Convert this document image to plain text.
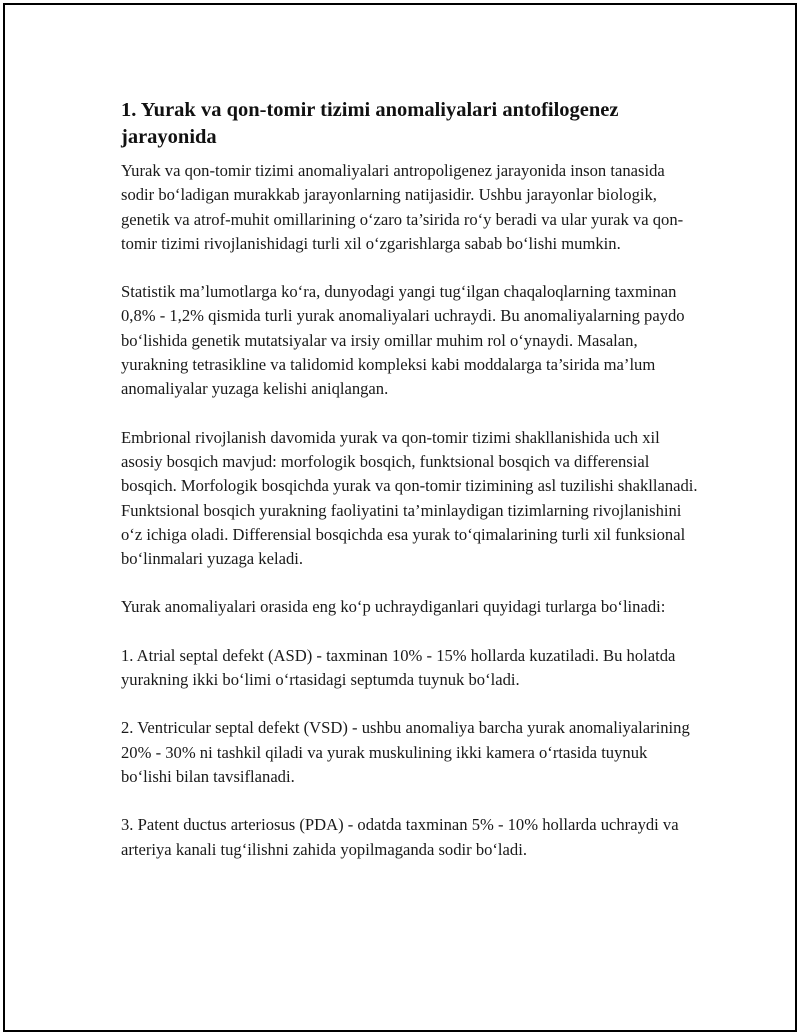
1. Yurak va qon-tomir tizimi anomaliyalari antofilogenez jarayonida

Yurak va qon-tomir tizimi anomaliyalari antropoligenez jarayonida inson tanasida sodir bo‘ladigan murakkab jarayonlarning natijasidir. Ushbu jarayonlar biologik, genetik va atrof-muhit omillarining o‘zaro ta’sirida ro‘y beradi va ular yurak va qon-tomir tizimi rivojlanishidagi turli xil o‘zgarishlarga sabab bo‘lishi mumkin.

Statistik ma’lumotlarga ko‘ra, dunyodagi yangi tug‘ilgan chaqaloqlarning taxminan 0,8% - 1,2% qismida turli yurak anomaliyalari uchraydi. Bu anomaliyalarning paydo bo‘lishida genetik mutatsiyalar va irsiy omillar muhim rol o‘ynaydi. Masalan, yurakning tetrasikline va talidomid kompleksi kabi moddalarga ta’sirida ma’lum anomaliyalar yuzaga kelishi aniqlangan.

Embrional rivojlanish davomida yurak va qon-tomir tizimi shakllanishida uch xil asosiy bosqich mavjud: morfologik bosqich, funktsional bosqich va differensial bosqich. Morfologik bosqichda yurak va qon-tomir tizimining asl tuzilishi shakllanadi. Funktsional bosqich yurakning faoliyatini ta’minlaydigan tizimlarning rivojlanishini o‘z ichiga oladi. Differensial bosqichda esa yurak to‘qimalarining turli xil funksional bo‘linmalari yuzaga keladi.

Yurak anomaliyalari orasida eng ko‘p uchraydiganlari quyidagi turlarga bo‘linadi:

1. Atrial septal defekt (ASD) - taxminan 10% - 15% hollarda kuzatiladi. Bu holatda yurakning ikki bo‘limi o‘rtasidagi septumda tuynuk bo‘ladi.

2. Ventricular septal defekt (VSD) - ushbu anomaliya barcha yurak anomaliyalarining 20% - 30% ni tashkil qiladi va yurak muskulining ikki kamera o‘rtasida tuynuk bo‘lishi bilan tavsiflanadi.

3. Patent ductus arteriosus (PDA) - odatda taxminan 5% - 10% hollarda uchraydi va arteriya kanali tug‘ilishni zahida yopilmaganda sodir bo‘ladi.
